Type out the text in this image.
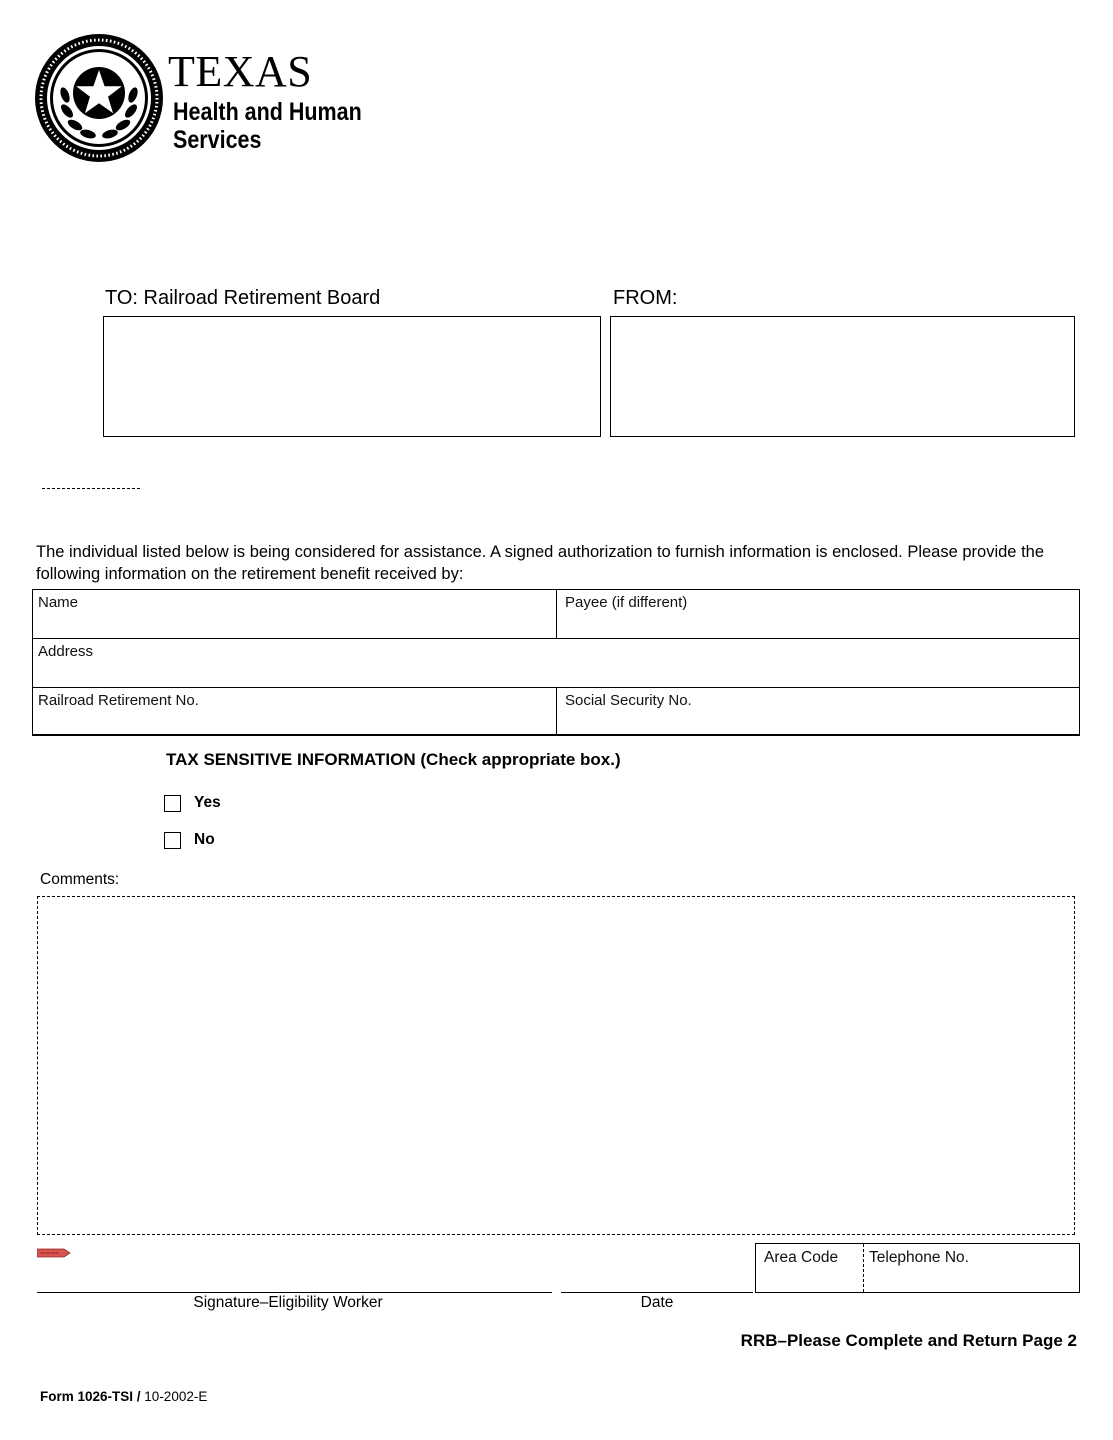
TEXAS
Health and Human
Services
TO: Railroad Retirement Board	FROM:
The individual listed below is being considered for assistance. A signed authorization to furnish information is enclosed. Please provide the following information on the retirement benefit received by:
Name	Payee (if different)
Address
Railroad Retirement No.	Social Security No.
TAX SENSITIVE INFORMATION (Check appropriate box.)
Yes
No
Comments:
Signature–Eligibility Worker	Date
Area Code Telephone No.
RRB–Please Complete and Return Page 2
Form 1026-TSI / 10-2002-E
